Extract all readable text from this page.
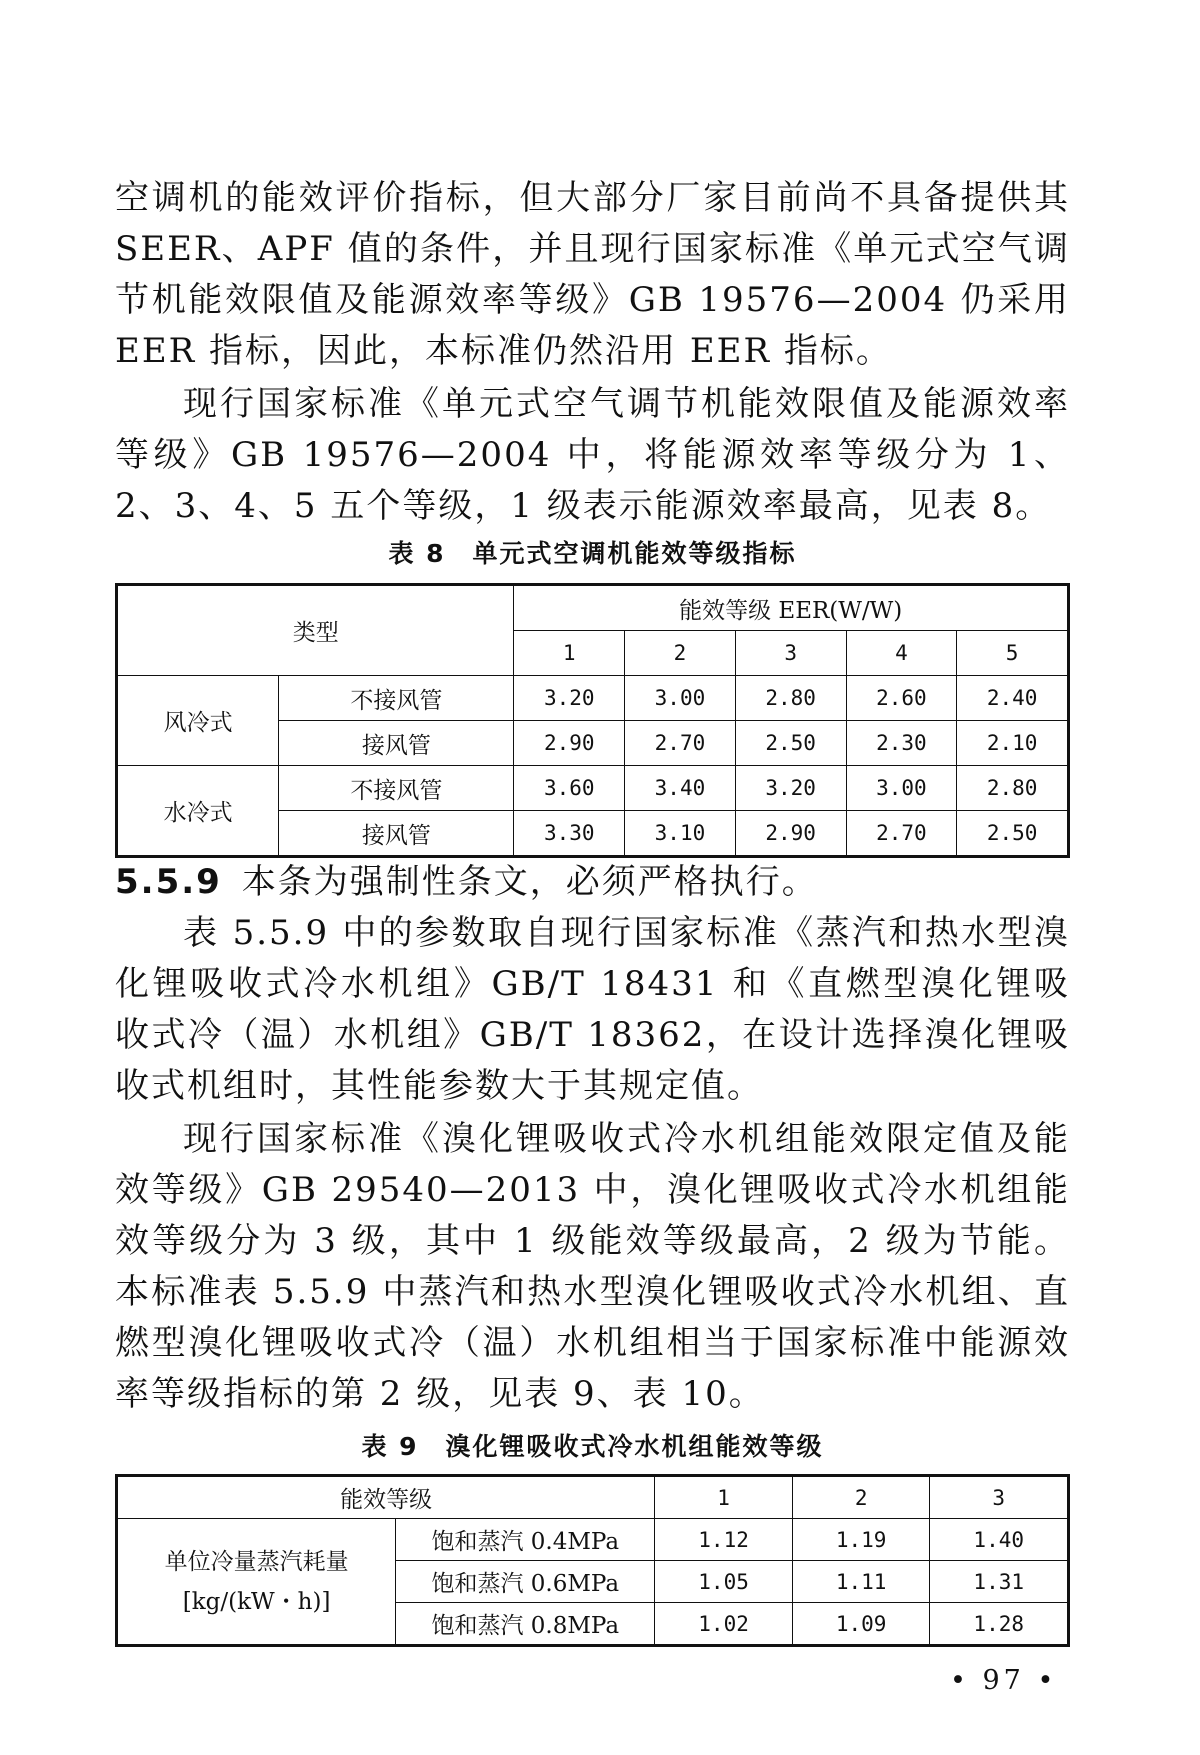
空调机的能效评价指标，但大部分厂家目前尚不具备提供其 SEER、APF 值的条件，并且现行国家标准《单元式空气调节机能效限值及能源效率等级》GB 19576—2004 仍采用 EER 指标，因此，本标准仍然沿用 EER 指标。

现行国家标准《单元式空气调节机能效限值及能源效率等级》GB 19576—2004 中，将能源效率等级分为 1、2、3、4、5 五个等级，1 级表示能源效率最高，见表 8。

表 8　单元式空调机能效等级指标
类型		能效等级 EER(W/W)				
		1	2	3	4	5
风冷式	不接风管	3.20	3.00	2.80	2.60	2.40
	接风管	2.90	2.70	2.50	2.30	2.10
水冷式	不接风管	3.60	3.40	3.20	3.00	2.80
	接风管	3.30	3.10	2.90	2.70	2.50

5.5.9 本条为强制性条文，必须严格执行。

表 5.5.9 中的参数取自现行国家标准《蒸汽和热水型溴化锂吸收式冷水机组》GB/T 18431 和《直燃型溴化锂吸收式冷（温）水机组》GB/T 18362，在设计选择溴化锂吸收式机组时，其性能参数大于其规定值。

现行国家标准《溴化锂吸收式冷水机组能效限定值及能效等级》GB 29540—2013 中，溴化锂吸收式冷水机组能效等级分为 3 级，其中 1 级能效等级最高，2 级为节能。本标准表 5.5.9 中蒸汽和热水型溴化锂吸收式冷水机组、直燃型溴化锂吸收式冷（温）水机组相当于国家标准中能源效率等级指标的第 2 级，见表 9、表 10。

表 9　溴化锂吸收式冷水机组能效等级
能效等级		1	2	3

单位冷量蒸汽耗量
[kg/(kW・h)]	饱和蒸汽 0.4MPa	1.12	1.19	1.40
	饱和蒸汽 0.6MPa	1.05	1.11	1.31
	饱和蒸汽 0.8MPa	1.02	1.09	1.28
• 97 •
